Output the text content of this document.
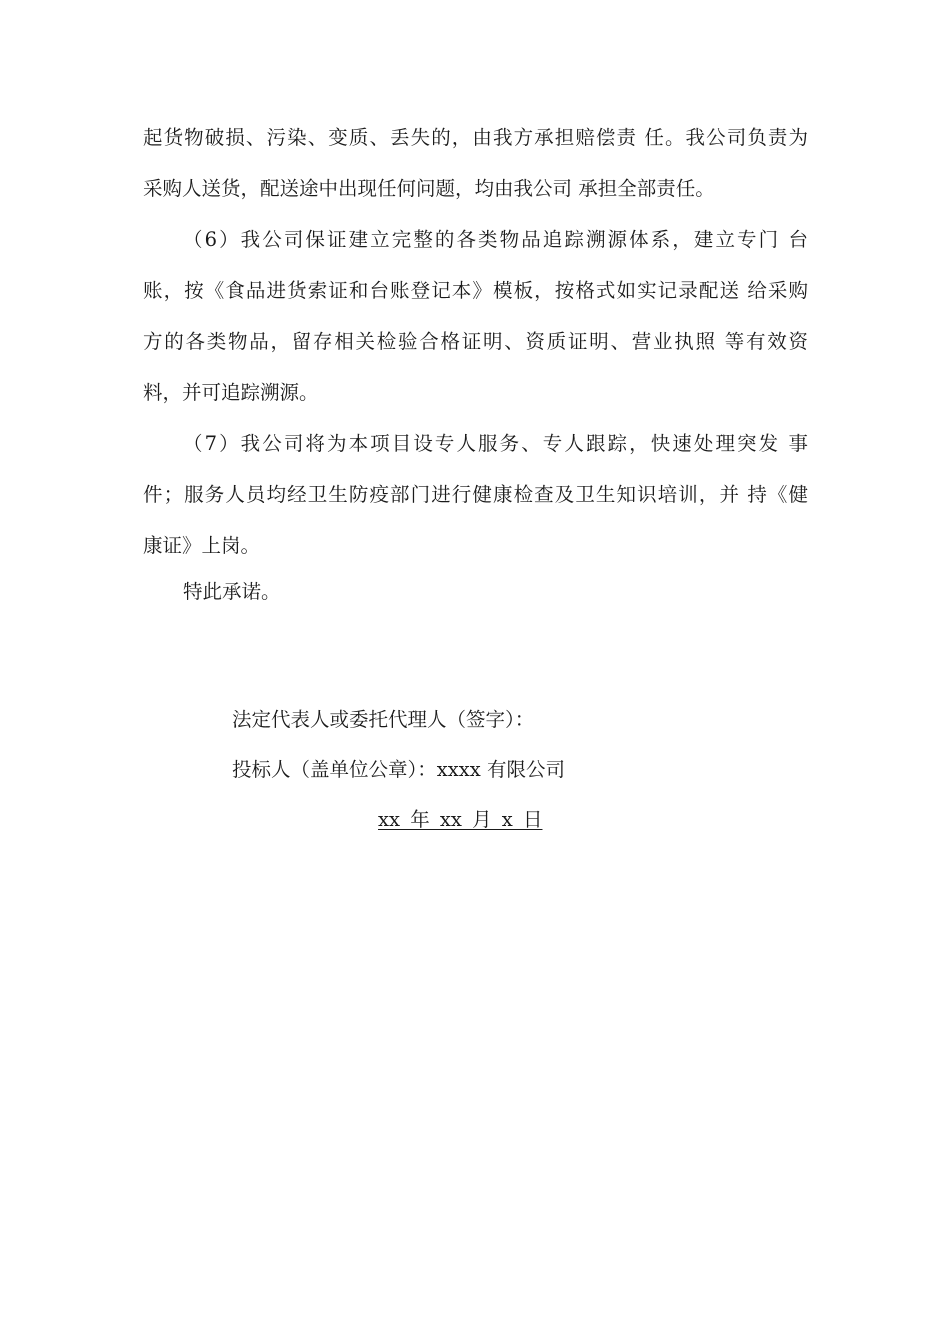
起货物破损、污染、变质、丢失的，由我方承担赔偿责 任。我公司负责为
采购人送货，配送途中出现任何问题，均由我公司 承担全部责任。
（6）我公司保证建立完整的各类物品追踪溯源体系，建立专门 台
账，按《食品进货索证和台账登记本》模板，按格式如实记录配送 给采购
方的各类物品，留存相关检验合格证明、资质证明、营业执照 等有效资
料，并可追踪溯源。
（7）我公司将为本项目设专人服务、专人跟踪，快速处理突发 事
件；服务人员均经卫生防疫部门进行健康检查及卫生知识培训，并 持《健
康证》上岗。
特此承诺。
法定代表人或委托代理人（签字）：
投标人（盖单位公章）：xxxx 有限公司
xx 年 xx 月 x 日
